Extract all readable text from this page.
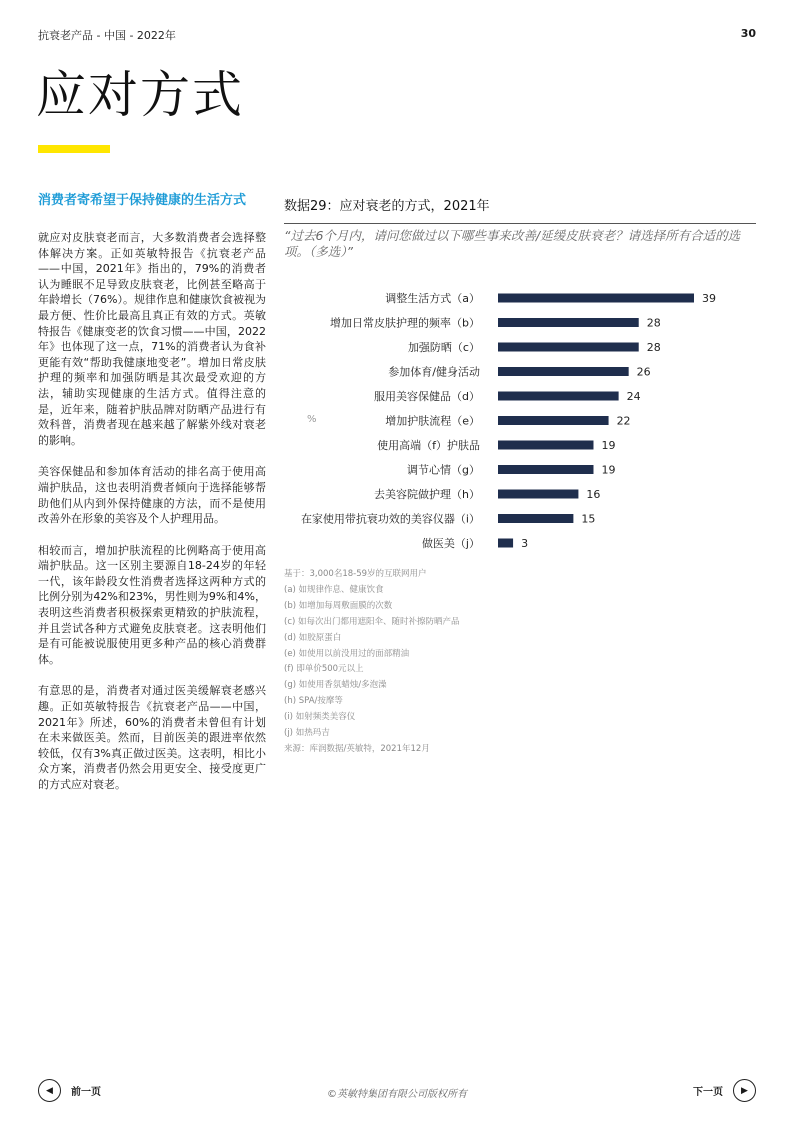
抗衰老产品 - 中国 - 2022年	30
应对方式
消费者寄希望于保持健康的生活方式

就应对皮肤衰老而言，大多数消费者会选择整体解决方案。正如英敏特报告《抗衰老产品——中国，2021年》指出的，79%的消费者认为睡眠不足导致皮肤衰老，比例甚至略高于年龄增长（76%）。规律作息和健康饮食被视为最方便、性价比最高且真正有效的方式。英敏特报告《健康变老的饮食习惯——中国，2022年》也体现了这一点，71%的消费者认为食补更能有效“帮助我健康地变老”。增加日常皮肤护理的频率和加强防晒是其次最受欢迎的方法，辅助实现健康的生活方式。值得注意的是，近年来，随着护肤品牌对防晒产品进行有效科普，消费者现在越来越了解紫外线对衰老的影响。

美容保健品和参加体育活动的排名高于使用高端护肤品，这也表明消费者倾向于选择能够帮助他们从内到外保持健康的方法，而不是使用改善外在形象的美容及个人护理用品。

相较而言，增加护肤流程的比例略高于使用高端护肤品。这一区别主要源自18-24岁的年轻一代，该年龄段女性消费者选择这两种方式的比例分别为42%和23%，男性则为9%和4%，表明这些消费者积极探索更精致的护肤流程，并且尝试各种方式避免皮肤衰老。这表明他们是有可能被说服使用更多种产品的核心消费群体。

有意思的是，消费者对通过医美缓解衰老感兴趣。正如英敏特报告《抗衰老产品——中国，2021年》所述，60%的消费者未曾但有计划在未来做医美。然而，目前医美的跟进率依然较低，仅有3%真正做过医美。这表明，相比小众方案，消费者仍然会用更安全、接受度更广的方式应对衰老。

数据29：应对衰老的方式，2021年
“过去6个月内，请问您做过以下哪些事来改善/延缓皮肤衰老？请选择所有合适的选项。（多选）”
%
调整生活方式（a）	39
增加日常皮肤护理的频率（b）	28
加强防晒（c）	28
参加体育/健身活动	26
服用美容保健品（d）	24
增加护肤流程（e）	22
使用高端（f）护肤品	19
调节心情（g）	19
去美容院做护理（h）	16
在家使用带抗衰功效的美容仪器（i）	15
做医美（j）	3
基于：3,000名18-59岁的互联网用户
(a) 如规律作息、健康饮食
(b) 如增加每周敷面膜的次数
(c) 如每次出门都用遮阳伞、随时补擦防晒产品
(d) 如胶原蛋白
(e) 如使用以前没用过的面部精油
(f) 即单价500元以上
(g) 如使用香氛蜡烛/多泡澡
(h) SPA/按摩等
(i) 如射频类美容仪
(j) 如热玛吉
来源：库润数据/英敏特，2021年12月
◀	前一页	©英敏特集团有限公司版权所有	下一页	▶
